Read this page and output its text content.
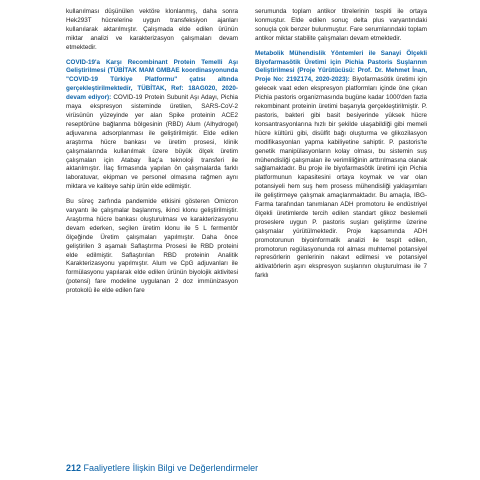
kullanılması düşünülen vektöre klonlanmış, daha sonra Hek293T hücrelerine uygun transfeksiyon ajanları kullanılarak aktarılmıştır. Çalışmada elde edilen ürünün miktar analizi ve karakterizasyon çalışmaları devam etmektedir.

COVID-19'a Karşı Recombinant Protein Temelli Aşı Geliştirilmesi (TÜBİTAK MAM GMBAE koordinasyonunda "COVID-19 Türkiye Platformu" çatısı altında gerçekleştirilmektedir, TÜBİTAK, Ref: 18AG020, 2020-devam ediyor): COVID-19 Protein Subunit Aşı Adayı, Pichia maya ekspresyon sisteminde üretilen, SARS-CoV-2 virüsünün yüzeyinde yer alan Spike proteinin ACE2 reseptörüne bağlanma bölgesinin (RBD) Alum (Alhydrogel) adjuvanına adsorplanması ile geliştirilmiştir. Elde edilen araştırma hücre bankası ve üretim prosesi, klinik çalışmalarında kullanılmak üzere büyük ölçek üretim çalışmaları için Atabay İlaç'a teknoloji transferi ile aktarılmıştır. İlaç firmasında yapılan ön çalışmalarda farklı laboratuvar, ekipman ve personel olmasına rağmen aynı miktara ve kaliteye sahip ürün elde edilmiştir.

Bu süreç zarfında pandemide etkisini gösteren Omicron varyantı ile çalışmalar başlanmış, ikinci klonu geliştirilmiştir. Araştırma hücre bankası oluşturulması ve karakterizasyonu devam ederken, seçilen üretim klonu ile 5 L fermentör ölçeğinde Üretim çalışmaları yapılmıştır. Daha önce geliştirilen 3 aşamalı Saflaştırma Prosesi ile RBD proteini elde edilmiştir. Saflaştırılan RBD proteinin Analitik Karakterizasyonu yapılmıştır. Alum ve CpG adjuvanları ile formülasyonu yapılarak elde edilen ürünün biyolojik aktivitesi (potensi) fare modeline uygulanan 2 doz immünizasyon protokolü ile elde edilen fare

serumunda toplam antikor titrelerinin tespiti ile ortaya konmuştur. Elde edilen sonuç delta plus varyantındaki sonuçla çok benzer bulunmuştur. Fare serumlarındaki toplam antikor miktar stabilite çalışmaları devam etmektedir.

Metabolik Mühendislik Yöntemleri ile Sanayi Ölçekli Biyofarmasötik Üretimi için Pichia Pastoris Suşlarının Geliştirilmesi (Proje Yürütücüsü: Prof. Dr. Mehmet İnan, Proje No: 219Z174, 2020-2023): Biyofarmasötik üretimi için gelecek vaat eden ekspresyon platformları içinde öne çıkan Pichia pastoris organizmasında bugüne kadar 1000'den fazla rekombinant proteinin üretimi başarıyla gerçekleştirilmiştir. P. pastoris, bakteri gibi basit besiyerinde yüksek hücre konsantrasyonlarına hızlı bir şekilde ulaşabildiği gibi memeli hücre kültürü gibi, disülfit bağı oluşturma ve glikozilasyon modifikasyonları yapma kabiliyetine sahiptir. P. pastoris'te genetik manipülasyonların kolay olması, bu sistemin suş mühendisliği çalışmaları ile verimliliğinin arttırılmasına olanak sağlamaktadır. Bu proje ile biyofarmasötik üretimi için Pichia platformunun kapasitesini ortaya koymak ve var olan potansiyeli hem suş hem prosess mühendisliği yaklaşımları ile geliştirmeye çalışmak amaçlanmaktadır. Bu amaçla, IBG-Farma tarafından tanımlanan ADH promotoru ile endüstriyel ölçekli üretimlerde tercih edilen standart glikoz beslemeli proseslere uygun P. pastoris suşları geliştirme üzerine çalışmalar yürütülmektedir. Proje kapsamında ADH promotorunun biyoinformatik analizi ile tespit edilen, promotorun regülasyonunda rol alması muhtemel potansiyel represörlerin genlerinin nakavt edilmesi ve potansiyel aktivatörlerin aşırı ekspresyon suşlarının oluşturulması ile 7 farklı

212 Faaliyetlere İlişkin Bilgi ve Değerlendirmeler
